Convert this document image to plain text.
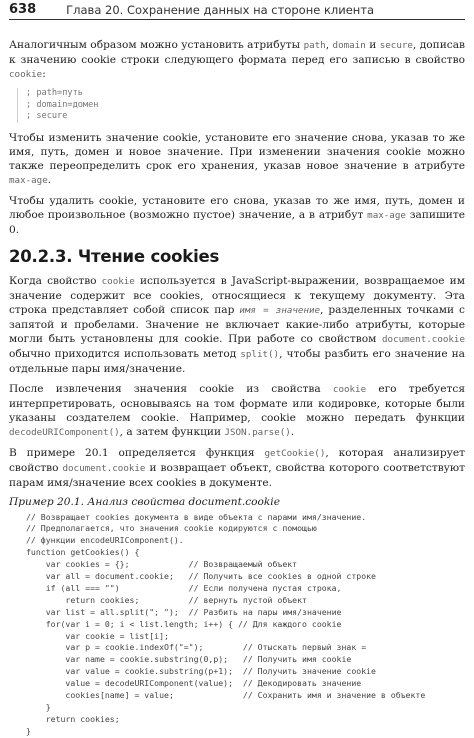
638	Глава 20. Сохранение данных на стороне клиента

Аналогичным образом можно установить атрибуты path, domain и secure, дописав к значению cookie строки следующего формата перед его записью в свойство cookie:

; path=путь
; domain=домен
; secure

Чтобы изменить значение cookie, установите его значение снова, указав то же имя, путь, домен и новое значение. При изменении значения cookie можно также переопределить срок его хранения, указав новое значение в атрибуте max-age.

Чтобы удалить cookie, установите его снова, указав то же имя, путь, домен и любое произвольное (возможно пустое) значение, а в атрибут max-age запишите 0.

20.2.3. Чтение cookies

Когда свойство cookie используется в JavaScript-выражении, возвращаемое им значение содержит все cookies, относящиеся к текущему документу. Эта строка представляет собой список пар имя = значение, разделенных точками с запятой и пробелами. Значение не включает какие-либо атрибуты, которые могли быть установлены для cookie. При работе со свойством document.cookie обычно приходится использовать метод split(), чтобы разбить его значение на отдельные пары имя/значение.

После извлечения значения cookie из свойства cookie его требуется интерпретировать, основываясь на том формате или кодировке, которые были указаны создателем cookie. Например, cookie можно передать функции decodeURIComponent(), а затем функции JSON.parse().

В примере 20.1 определяется функция getCookie(), которая анализирует свойство document.cookie и возвращает объект, свойства которого соответствуют парам имя/значение всех cookies в документе.

Пример 20.1. Анализ свойства document.cookie
// Возвращает cookies документа в виде объекта с парами имя/значение.
// Предполагается, что значения cookie кодируются с помощью
// функции encodeURIComponent().
function getCookies() {
var cookies = {};            // Возвращаемый объект
var all = document.cookie;   // Получить все cookies в одной строке
if (all === "")              // Если получена пустая строка,
return cookies;          // вернуть пустой объект
var list = all.split("; ");  // Разбить на пары имя/значение
for(var i = 0; i < list.length; i++) { // Для каждого cookie
var cookie = list[i];
var p = cookie.indexOf("=");        // Отыскать первый знак =
var name = cookie.substring(0,p);   // Получить имя cookie
var value = cookie.substring(p+1);  // Получить значение cookie
value = decodeURIComponent(value);  // Декодировать значение
cookies[name] = value;              // Сохранить имя и значение в объекте
}
return cookies;
}
